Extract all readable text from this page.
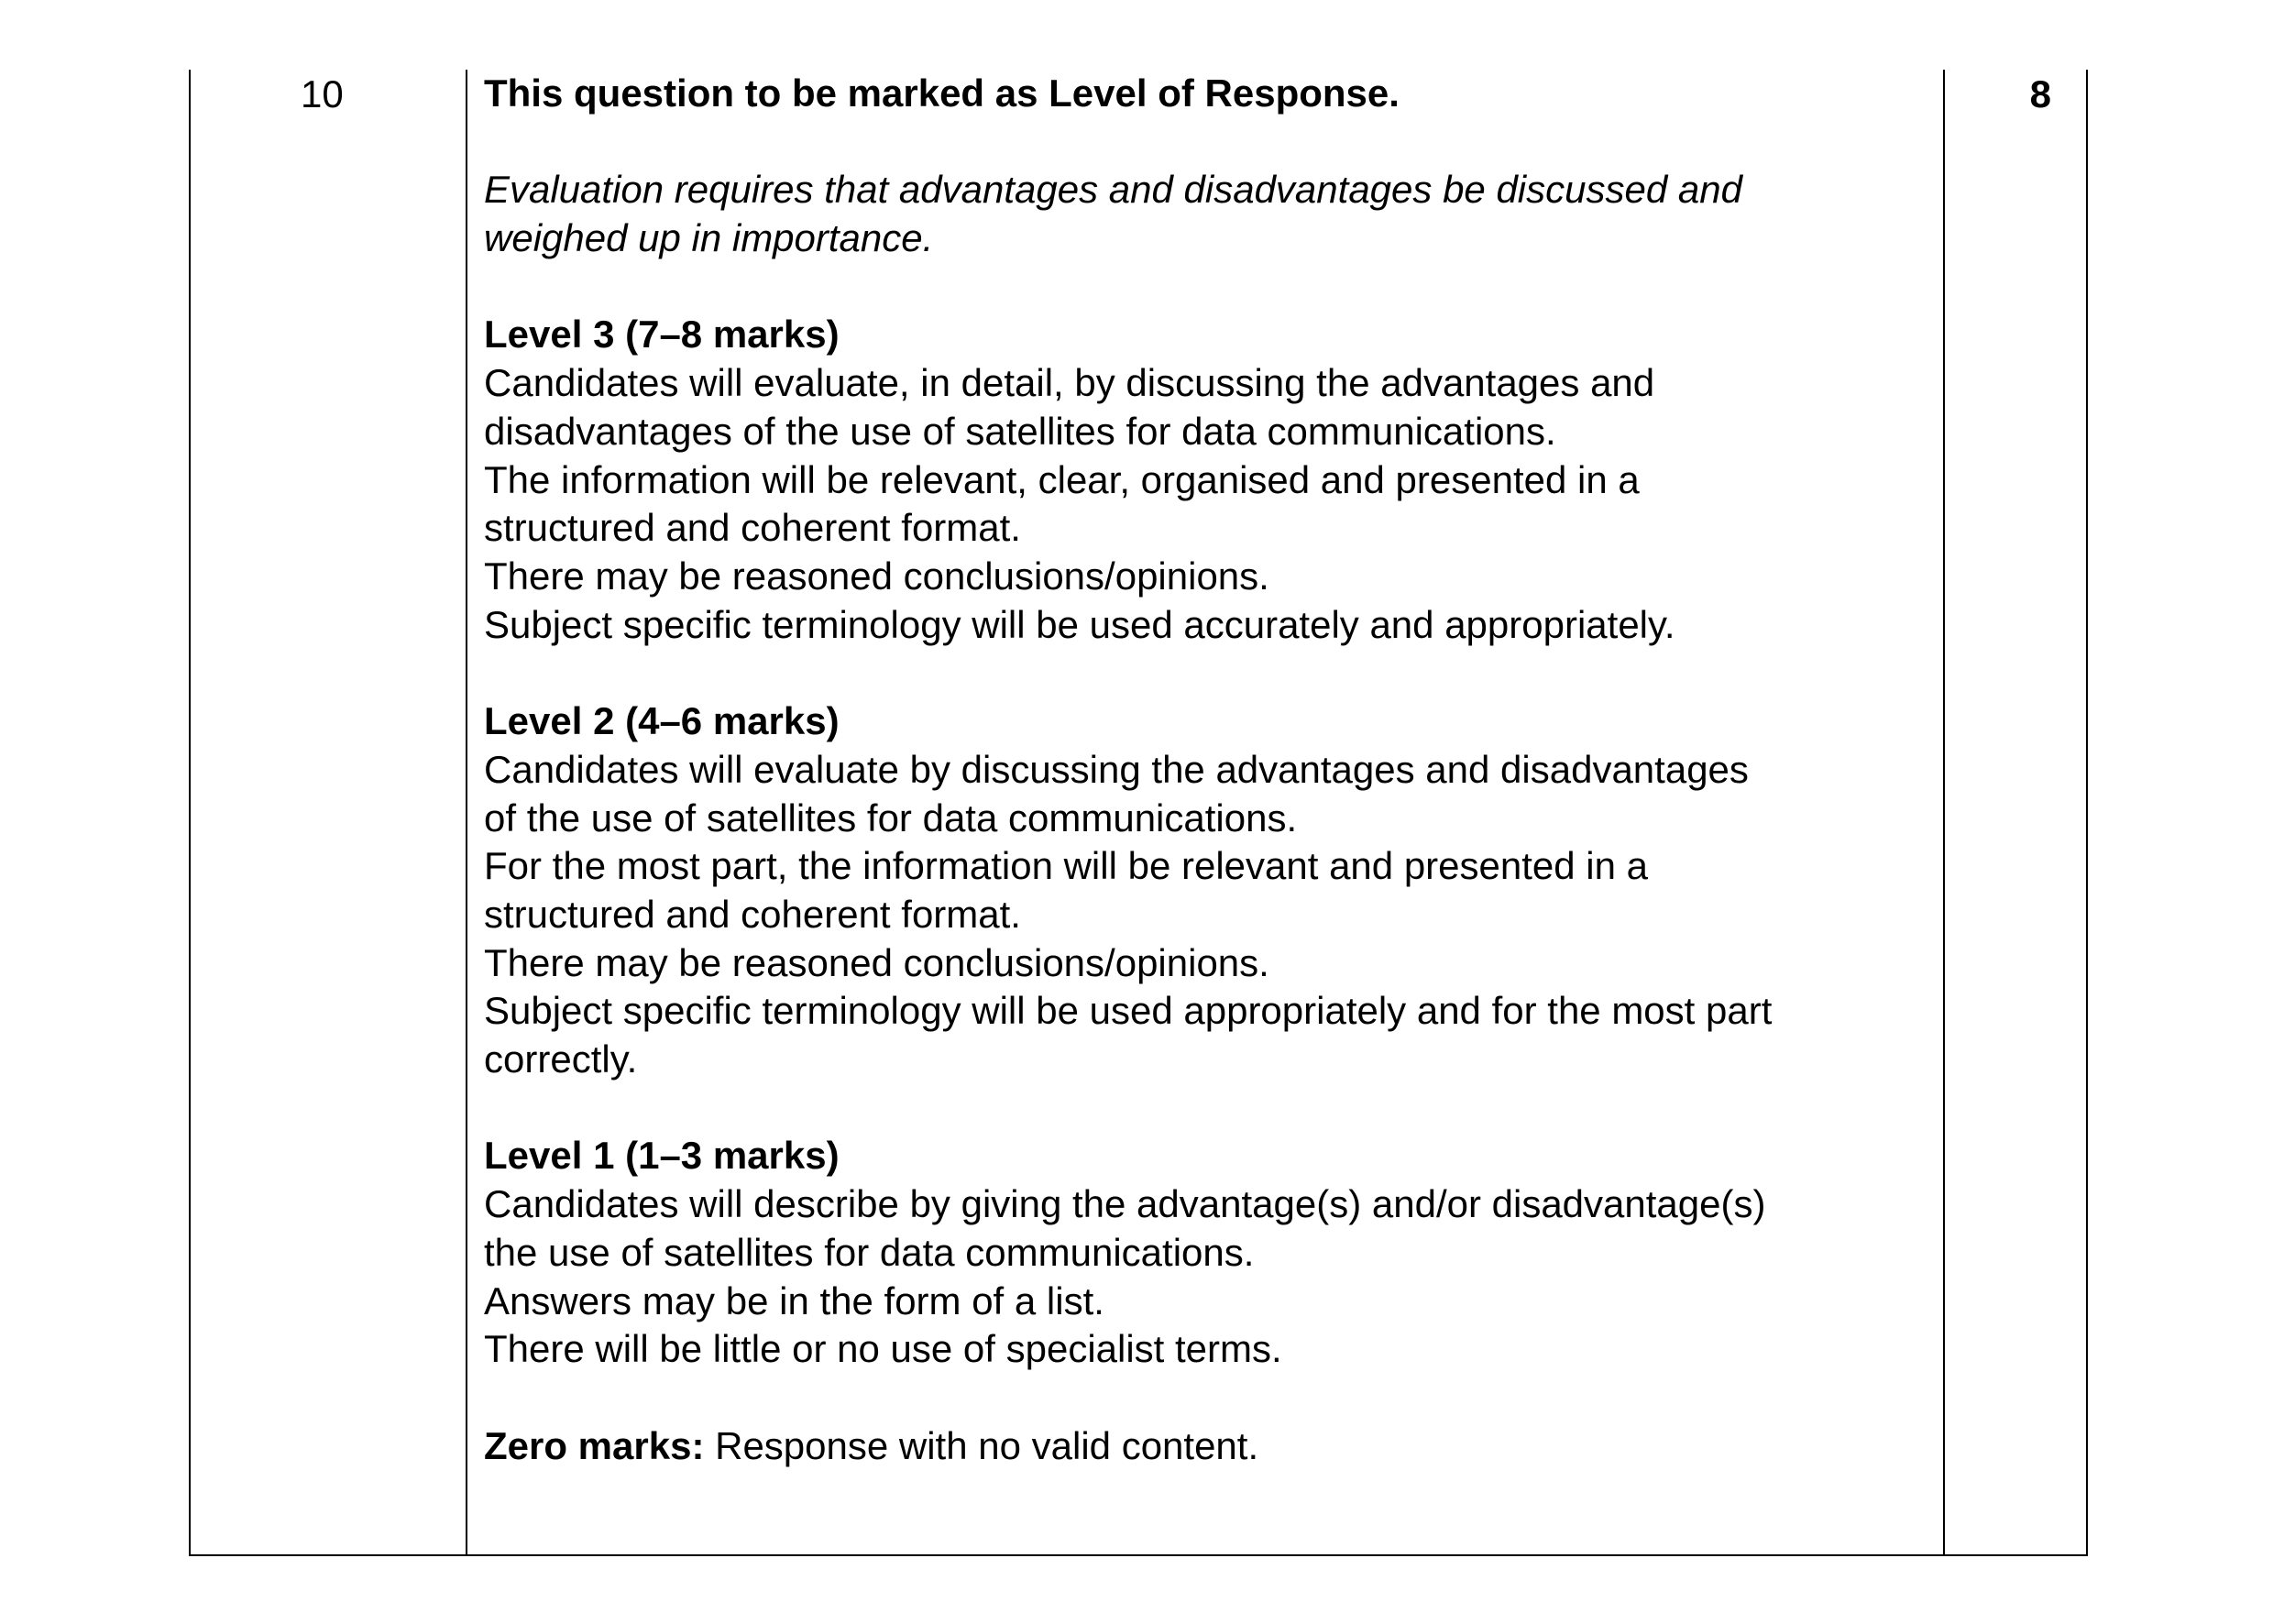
10	This question to be marked as Level of Response.

Evaluation requires that advantages and disadvantages be discussed and

weighed up in importance.

Level 3 (7–8 marks)

Candidates will evaluate, in detail, by discussing the advantages and

disadvantages of the use of satellites for data communications.

The information will be relevant, clear, organised and presented in a

structured and coherent format.

There may be reasoned conclusions/opinions.

Subject specific terminology will be used accurately and appropriately.

Level 2 (4–6 marks)

Candidates will evaluate by discussing the advantages and disadvantages

of the use of satellites for data communications.

For the most part, the information will be relevant and presented in a

structured and coherent format.

There may be reasoned conclusions/opinions.

Subject specific terminology will be used appropriately and for the most part

correctly.

Level 1 (1–3 marks)

Candidates will describe by giving the advantage(s) and/or disadvantage(s)

the use of satellites for data communications.

Answers may be in the form of a list.

There will be little or no use of specialist terms.

Zero marks: Response with no valid content.

8
